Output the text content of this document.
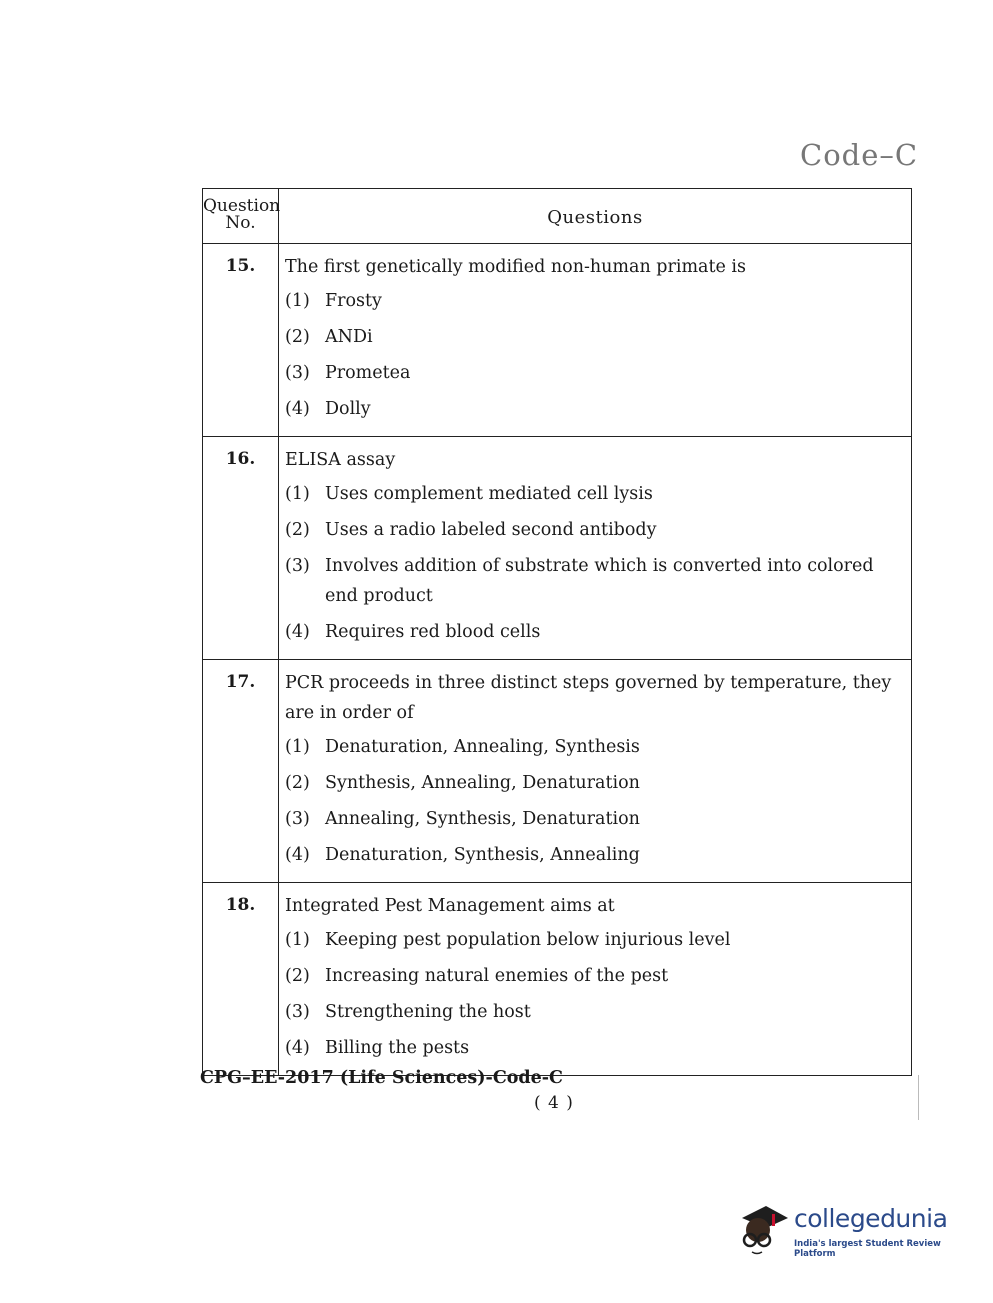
Code–C
Question No.	Questions
15.	The first genetically modified non-human primate is
(1) Frosty
(2) ANDi
(3) Prometea
(4) Dolly
16.	ELISA assay
(1) Uses complement mediated cell lysis
(2) Uses a radio labeled second antibody
(3) Involves addition of substrate which is converted into colored end product
(4) Requires red blood cells
17.	PCR proceeds in three distinct steps governed by temperature, they are in order of
(1) Denaturation, Annealing, Synthesis
(2) Synthesis, Annealing, Denaturation
(3) Annealing, Synthesis, Denaturation
(4) Denaturation, Synthesis, Annealing
18.	Integrated Pest Management aims at
(1) Keeping pest population below injurious level
(2) Increasing natural enemies of the pest
(3) Strengthening the host
(4) Billing the pests
CPG–EE-2017 (Life Sciences)-Code-C
( 4 )
collegedunia
India's largest Student Review Platform
